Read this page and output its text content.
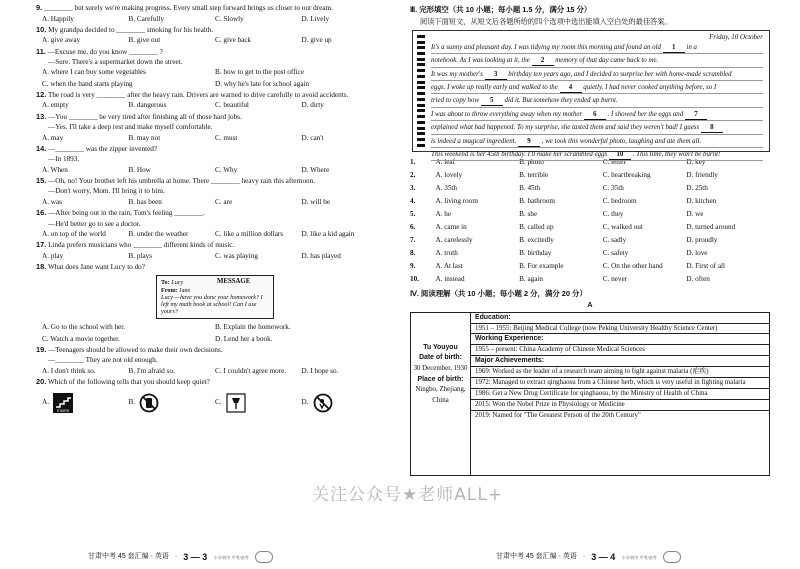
9. ________ but surely we're making progress. Every small step forward brings us closer to our dream.
A. Happily	B. Carefully	C. Slowly	D. Lively
10. My grandpa decided to ________ smoking for his health.
A. give away	B. give out	C. give back	D. give up
11. —Excuse me, do you know ________ ?
—Sure. There's a supermarket down the street.
A. where I can buy some vegetables	B. how to get to the post office
C. when the band starts playing	D. why he's late for school again
12. The road is very ________ after the heavy rain. Drivers are warned to drive carefully to avoid accidents.
A. empty	B. dangerous	C. beautiful	D. dirty
13. —You ________ be very tired after finishing all of those hard jobs.
—Yes. I'll take a deep rest and make myself comfortable.
A. may	B. may not	C. must	D. can't
14. —________ was the zipper invented?
—In 1893.
A. When	B. How	C. Why	D. Where
15. —Oh, no! Your brother left his umbrella at home. There ________ heavy rain this afternoon.
—Don't worry, Mom. I'll bring it to him.
A. was	B. has been	C. are	D. will be
16. —After being out in the rain, Tom's feeling ________.
—He'd better go to see a doctor.
A. on top of the world	B. under the weather	C. like a million dollars	D. like a kid again
17. Linda prefers musicians who ________ different kinds of music.
A. play	B. plays	C. was playing	D. has played
18. What does Jane want Lucy to do?
MESSAGE
To: Lucy
From: Jane
Lucy —have you done your homework? I left my math book at school! Can I use yours?
A. Go to the school with her.	B. Explain the homework.
C. Watch a movie together.	D. Lend her a book.
19. —Teenagers should be allowed to make their own decisions.
—________ They are not old enough.
A. I don't think so.	B. I'm afraid so.	C. I couldn't agree more.	D. I hope so.
20. Which of the following tells that you should keep quiet?
A.
STAIRS
B.	C.	D.
甘肃中考 45 套汇编 · 英语 · 3 — 3 小学/初中 中考/高考
Ⅲ. 完形填空（共 10 小题；每小题 1.5 分，满分 15 分）
阅读下面短文，从短文后各题所给的四个选项中选出能填入空白处的最佳答案。
Friday, 10 October
It's a sunny and pleasant day. I was tidying my room this morning and found an old 1 in a
notebook. As I was looking at it, the 2 memory of that day came back to me.
It was my mother's 3 birthday ten years ago, and I decided to surprise her with home-made scrambled
eggs. I woke up really early and walked to the 4 quietly. I had never cooked anything before, so I
tried to copy how 5 did it. But somehow they ended up burnt.
I was about to throw everything away when my mother 6 . I showed her the eggs and 7
explained what had happened. To my surprise, she tasted them and said they weren't bad! I guess 8
is indeed a magical ingredient. 9 , we took this wonderful photo, laughing and ate them all.
This weekend is her 45th birthday. I'll make her scrambled eggs 10 . This time, they won't be burnt!
1.	A. leaf	B. photo	C. letter	D. key
2.	A. lovely	B. terrible	C. heartbreaking	D. friendly
3.	A. 35th	B. 45th	C. 35th	D. 25th
4.	A. living room	B. bathroom	C. bedroom	D. kitchen
5.	A. he	B. she	C. they	D. we
6.	A. came in	B. called up	C. walked out	D. turned around
7.	A. carelessly	B. excitedly	C. sadly	D. proudly
8.	A. truth	B. birthday	C. safety	D. love
9.	A. At last	B. For example	C. On the other hand	D. First of all
10.	A. instead	B. again	C. never	D. often
Ⅳ. 阅读理解（共 10 小题；每小题 2 分，满分 20 分）
A
Tu Youyou
Date of birth:
30 December, 1930
Place of birth:
Ningbo, Zhejiang, China
Education:
1951 – 1955: Beijing Medical College (now Peking University Healthy Science Center)
Working Experience:
1955 – present: China Academy of Chinese Medical Sciences
Major Achievements:
1969: Worked as the leader of a research team aiming to fight against malaria (疟疾)
1972: Managed to extract qinghaosu from a Chinese herb, which is very useful in fighting malaria
1986: Get a New Drug Certificate for qinghaosu, by the Ministry of Health of China
2015: Won the Nobel Prize in Physiology or Medicine
2019: Named for "The Greatest Person of the 20th Century"
甘肃中考 45 套汇编 · 英语 · 3 — 4 小学/初中 中考/高考
关注公众号★老师ALL+
